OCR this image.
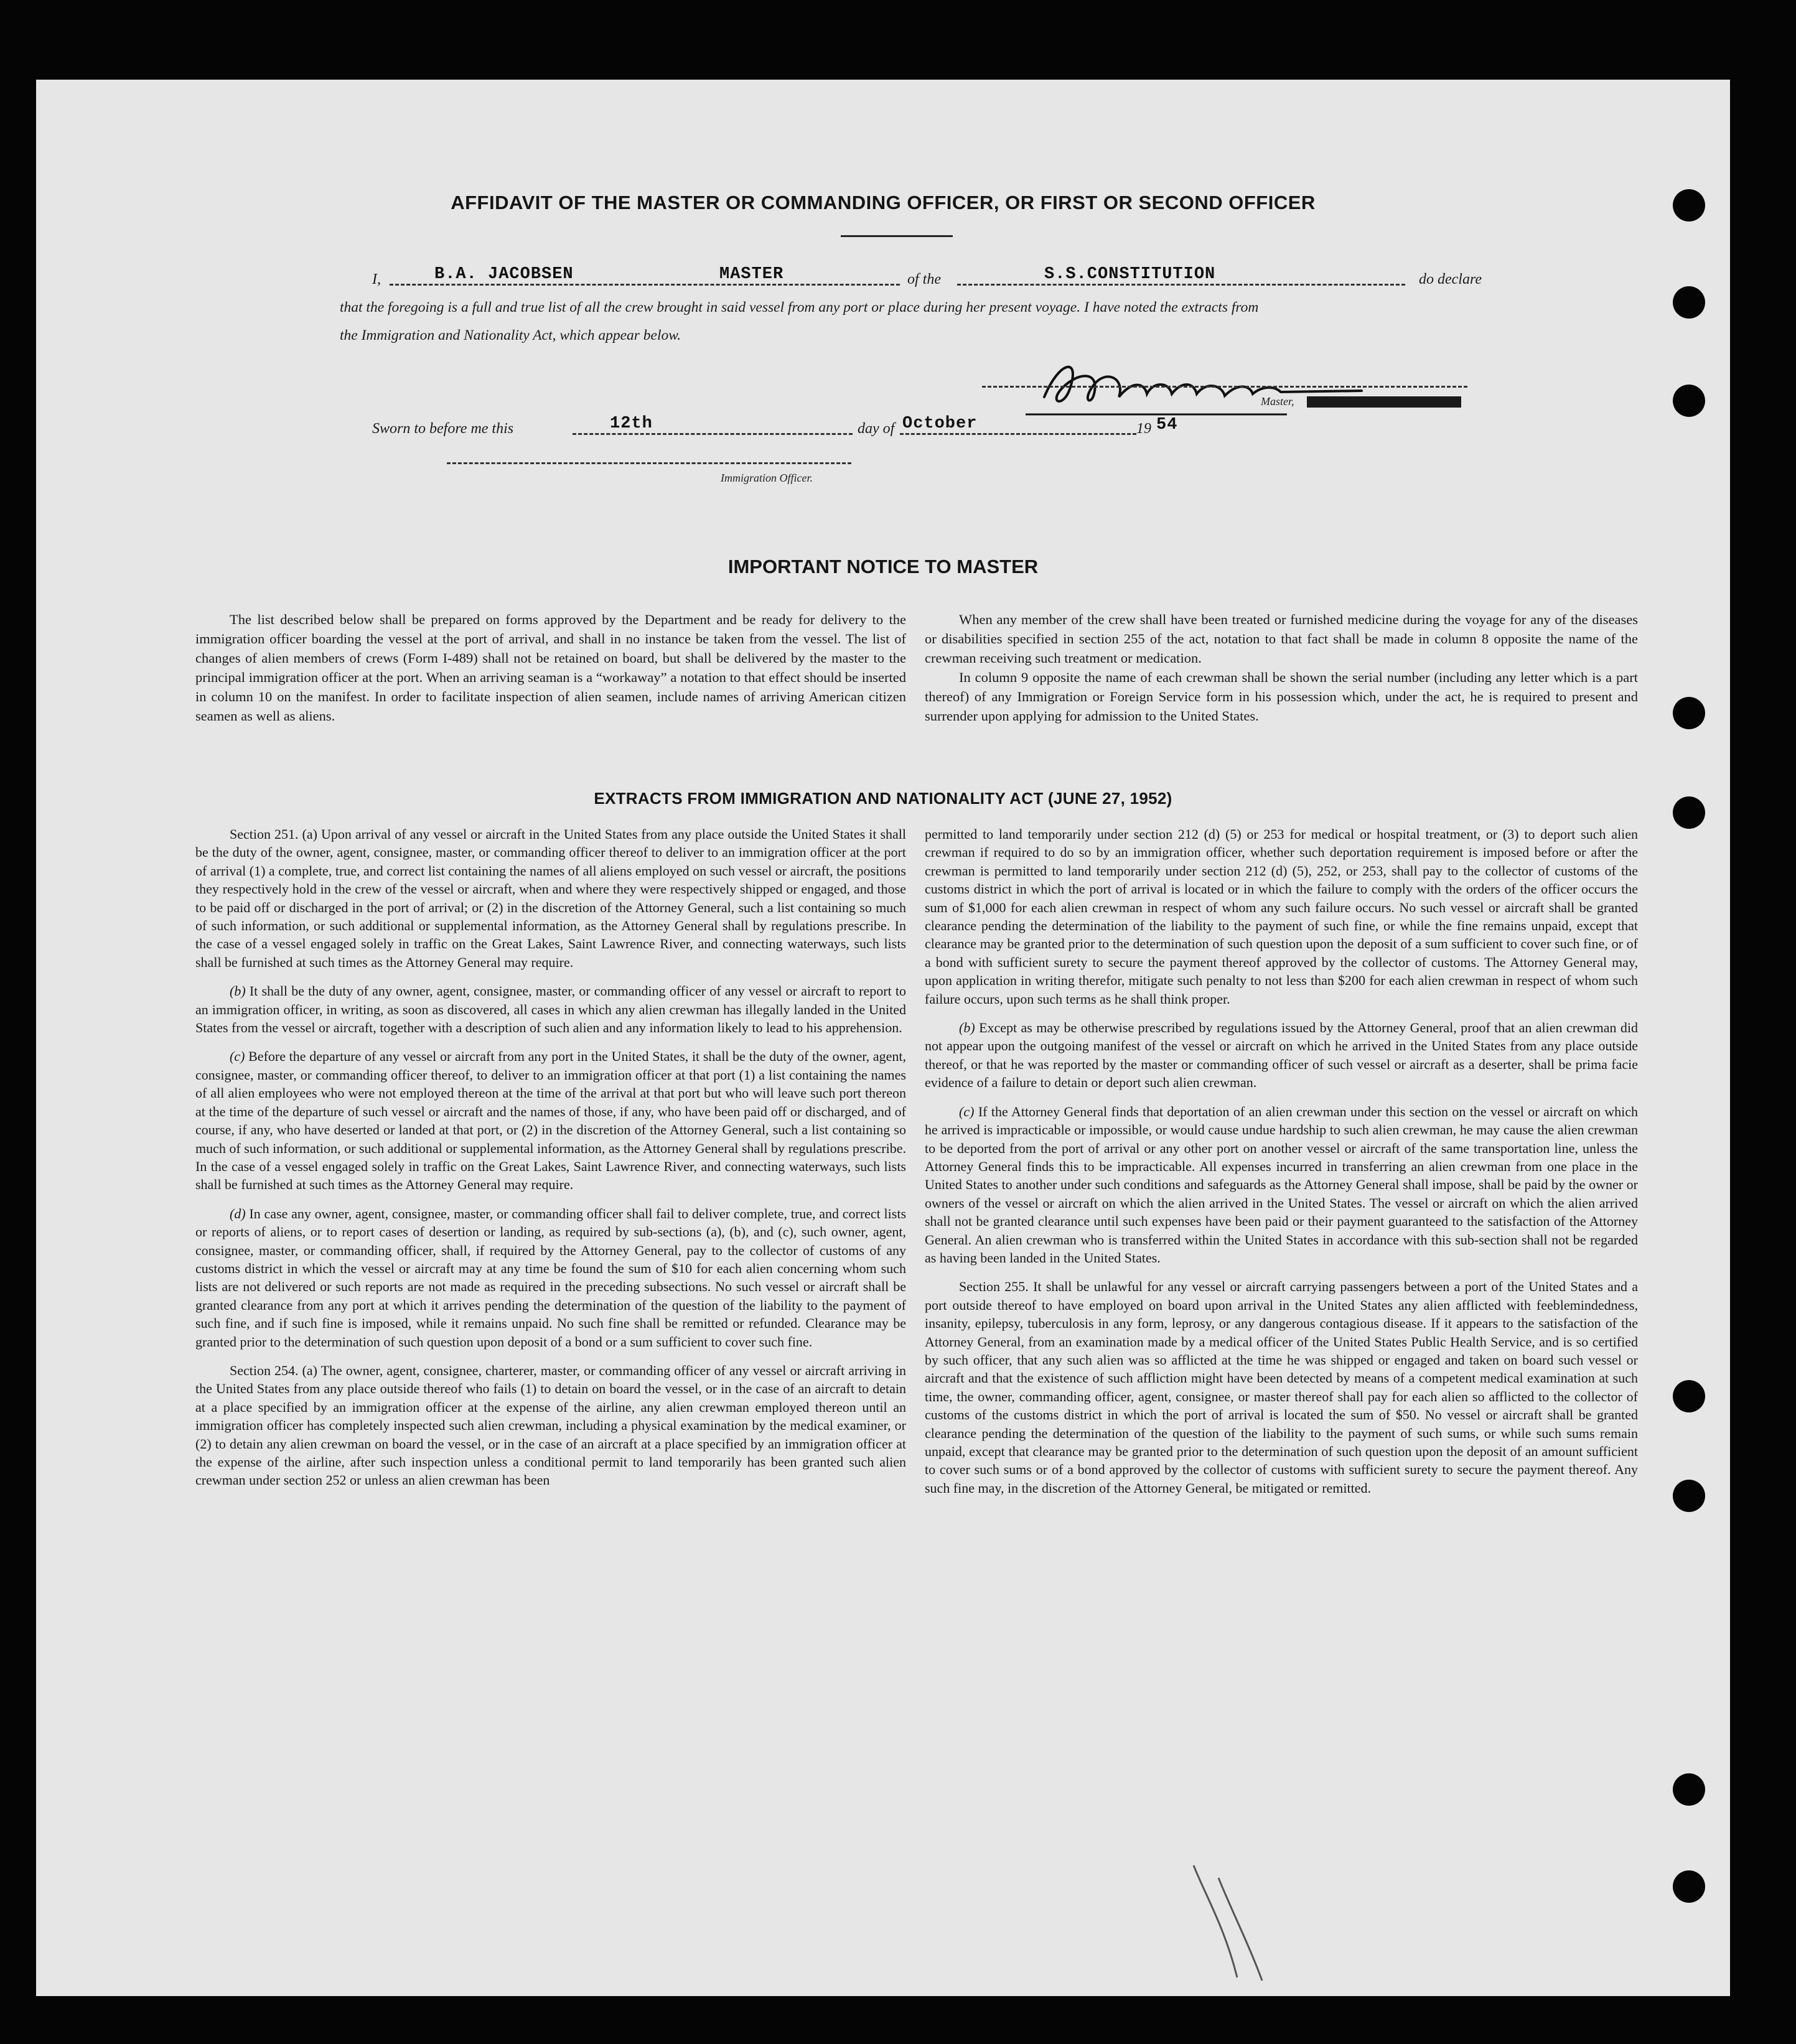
AFFIDAVIT OF THE MASTER OR COMMANDING OFFICER, OR FIRST OR SECOND OFFICER
I,	B.A. JACOBSEN	MASTER	of the	S.S.CONSTITUTION	do declare
that the foregoing is a full and true list of all the crew brought in said vessel from any port or place during her present voyage. I have noted the extracts from
the Immigration and Nationality Act, which appear below.
Master,
Sworn to before me this	12th	day of October	19 54
Immigration Officer.
IMPORTANT NOTICE TO MASTER

The list described below shall be prepared on forms approved by the Department and be ready for delivery to the immigration officer boarding the vessel at the port of arrival, and shall in no instance be taken from the vessel. The list of changes of alien members of crews (Form I-489) shall not be retained on board, but shall be delivered by the master to the principal immigration officer at the port. When an arriving seaman is a “workaway” a notation to that effect should be inserted in column 10 on the manifest. In order to facilitate inspection of alien seamen, include names of arriving American citizen seamen as well as aliens.

When any member of the crew shall have been treated or furnished medicine during the voyage for any of the diseases or disabilities specified in section 255 of the act, notation to that fact shall be made in column 8 opposite the name of the crewman receiving such treatment or medication.

In column 9 opposite the name of each crewman shall be shown the serial number (including any letter which is a part thereof) of any Immigration or Foreign Service form in his possession which, under the act, he is required to present and surrender upon applying for admission to the United States.

EXTRACTS FROM IMMIGRATION AND NATIONALITY ACT (JUNE 27, 1952)

Section 251. (a) Upon arrival of any vessel or aircraft in the United States from any place outside the United States it shall be the duty of the owner, agent, consignee, master, or commanding officer thereof to deliver to an immigration officer at the port of arrival (1) a complete, true, and correct list containing the names of all aliens employed on such vessel or aircraft, the positions they respectively hold in the crew of the vessel or aircraft, when and where they were respectively shipped or engaged, and those to be paid off or discharged in the port of arrival; or (2) in the discretion of the Attorney General, such a list containing so much of such information, or such additional or supplemental information, as the Attorney General shall by regulations prescribe. In the case of a vessel engaged solely in traffic on the Great Lakes, Saint Lawrence River, and connecting waterways, such lists shall be furnished at such times as the Attorney General may require.

(b) It shall be the duty of any owner, agent, consignee, master, or commanding officer of any vessel or aircraft to report to an immigration officer, in writing, as soon as discovered, all cases in which any alien crewman has illegally landed in the United States from the vessel or aircraft, together with a description of such alien and any information likely to lead to his apprehension.

(c) Before the departure of any vessel or aircraft from any port in the United States, it shall be the duty of the owner, agent, consignee, master, or commanding officer thereof, to deliver to an immigration officer at that port (1) a list containing the names of all alien employees who were not employed thereon at the time of the arrival at that port but who will leave such port thereon at the time of the departure of such vessel or aircraft and the names of those, if any, who have been paid off or discharged, and of course, if any, who have deserted or landed at that port, or (2) in the discretion of the Attorney General, such a list containing so much of such information, or such additional or supplemental information, as the Attorney General shall by regulations prescribe. In the case of a vessel engaged solely in traffic on the Great Lakes, Saint Lawrence River, and connecting waterways, such lists shall be furnished at such times as the Attorney General may require.

(d) In case any owner, agent, consignee, master, or commanding officer shall fail to deliver complete, true, and correct lists or reports of aliens, or to report cases of desertion or landing, as required by sub-sections (a), (b), and (c), such owner, agent, consignee, master, or commanding officer, shall, if required by the Attorney General, pay to the collector of customs of any customs district in which the vessel or aircraft may at any time be found the sum of $10 for each alien concerning whom such lists are not delivered or such reports are not made as required in the preceding subsections. No such vessel or aircraft shall be granted clearance from any port at which it arrives pending the determination of the question of the liability to the payment of such fine, and if such fine is imposed, while it remains unpaid. No such fine shall be remitted or refunded. Clearance may be granted prior to the determination of such question upon deposit of a bond or a sum sufficient to cover such fine.

Section 254. (a) The owner, agent, consignee, charterer, master, or commanding officer of any vessel or aircraft arriving in the United States from any place outside thereof who fails (1) to detain on board the vessel, or in the case of an aircraft to detain at a place specified by an immigration officer at the expense of the airline, any alien crewman employed thereon until an immigration officer has completely inspected such alien crewman, including a physical examination by the medical examiner, or (2) to detain any alien crewman on board the vessel, or in the case of an aircraft at a place specified by an immigration officer at the expense of the airline, after such inspection unless a conditional permit to land temporarily has been granted such alien crewman under section 252 or unless an alien crewman has been

permitted to land temporarily under section 212 (d) (5) or 253 for medical or hospital treatment, or (3) to deport such alien crewman if required to do so by an immigration officer, whether such deportation requirement is imposed before or after the crewman is permitted to land temporarily under section 212 (d) (5), 252, or 253, shall pay to the collector of customs of the customs district in which the port of arrival is located or in which the failure to comply with the orders of the officer occurs the sum of $1,000 for each alien crewman in respect of whom any such failure occurs. No such vessel or aircraft shall be granted clearance pending the determination of the liability to the payment of such fine, or while the fine remains unpaid, except that clearance may be granted prior to the determination of such question upon the deposit of a sum sufficient to cover such fine, or of a bond with sufficient surety to secure the payment thereof approved by the collector of customs. The Attorney General may, upon application in writing therefor, mitigate such penalty to not less than $200 for each alien crewman in respect of whom such failure occurs, upon such terms as he shall think proper.

(b) Except as may be otherwise prescribed by regulations issued by the Attorney General, proof that an alien crewman did not appear upon the outgoing manifest of the vessel or aircraft on which he arrived in the United States from any place outside thereof, or that he was reported by the master or commanding officer of such vessel or aircraft as a deserter, shall be prima facie evidence of a failure to detain or deport such alien crewman.

(c) If the Attorney General finds that deportation of an alien crewman under this section on the vessel or aircraft on which he arrived is impracticable or impossible, or would cause undue hardship to such alien crewman, he may cause the alien crewman to be deported from the port of arrival or any other port on another vessel or aircraft of the same transportation line, unless the Attorney General finds this to be impracticable. All expenses incurred in transferring an alien crewman from one place in the United States to another under such conditions and safeguards as the Attorney General shall impose, shall be paid by the owner or owners of the vessel or aircraft on which the alien arrived in the United States. The vessel or aircraft on which the alien arrived shall not be granted clearance until such expenses have been paid or their payment guaranteed to the satisfaction of the Attorney General. An alien crewman who is transferred within the United States in accordance with this sub-section shall not be regarded as having been landed in the United States.

Section 255. It shall be unlawful for any vessel or aircraft carrying passengers between a port of the United States and a port outside thereof to have employed on board upon arrival in the United States any alien afflicted with feeblemindedness, insanity, epilepsy, tuberculosis in any form, leprosy, or any dangerous contagious disease. If it appears to the satisfaction of the Attorney General, from an examination made by a medical officer of the United States Public Health Service, and is so certified by such officer, that any such alien was so afflicted at the time he was shipped or engaged and taken on board such vessel or aircraft and that the existence of such affliction might have been detected by means of a competent medical examination at such time, the owner, commanding officer, agent, consignee, or master thereof shall pay for each alien so afflicted to the collector of customs of the customs district in which the port of arrival is located the sum of $50. No vessel or aircraft shall be granted clearance pending the determination of the question of the liability to the payment of such sums, or while such sums remain unpaid, except that clearance may be granted prior to the determination of such question upon the deposit of an amount sufficient to cover such sums or of a bond approved by the collector of customs with sufficient surety to secure the payment thereof. Any such fine may, in the discretion of the Attorney General, be mitigated or remitted.
